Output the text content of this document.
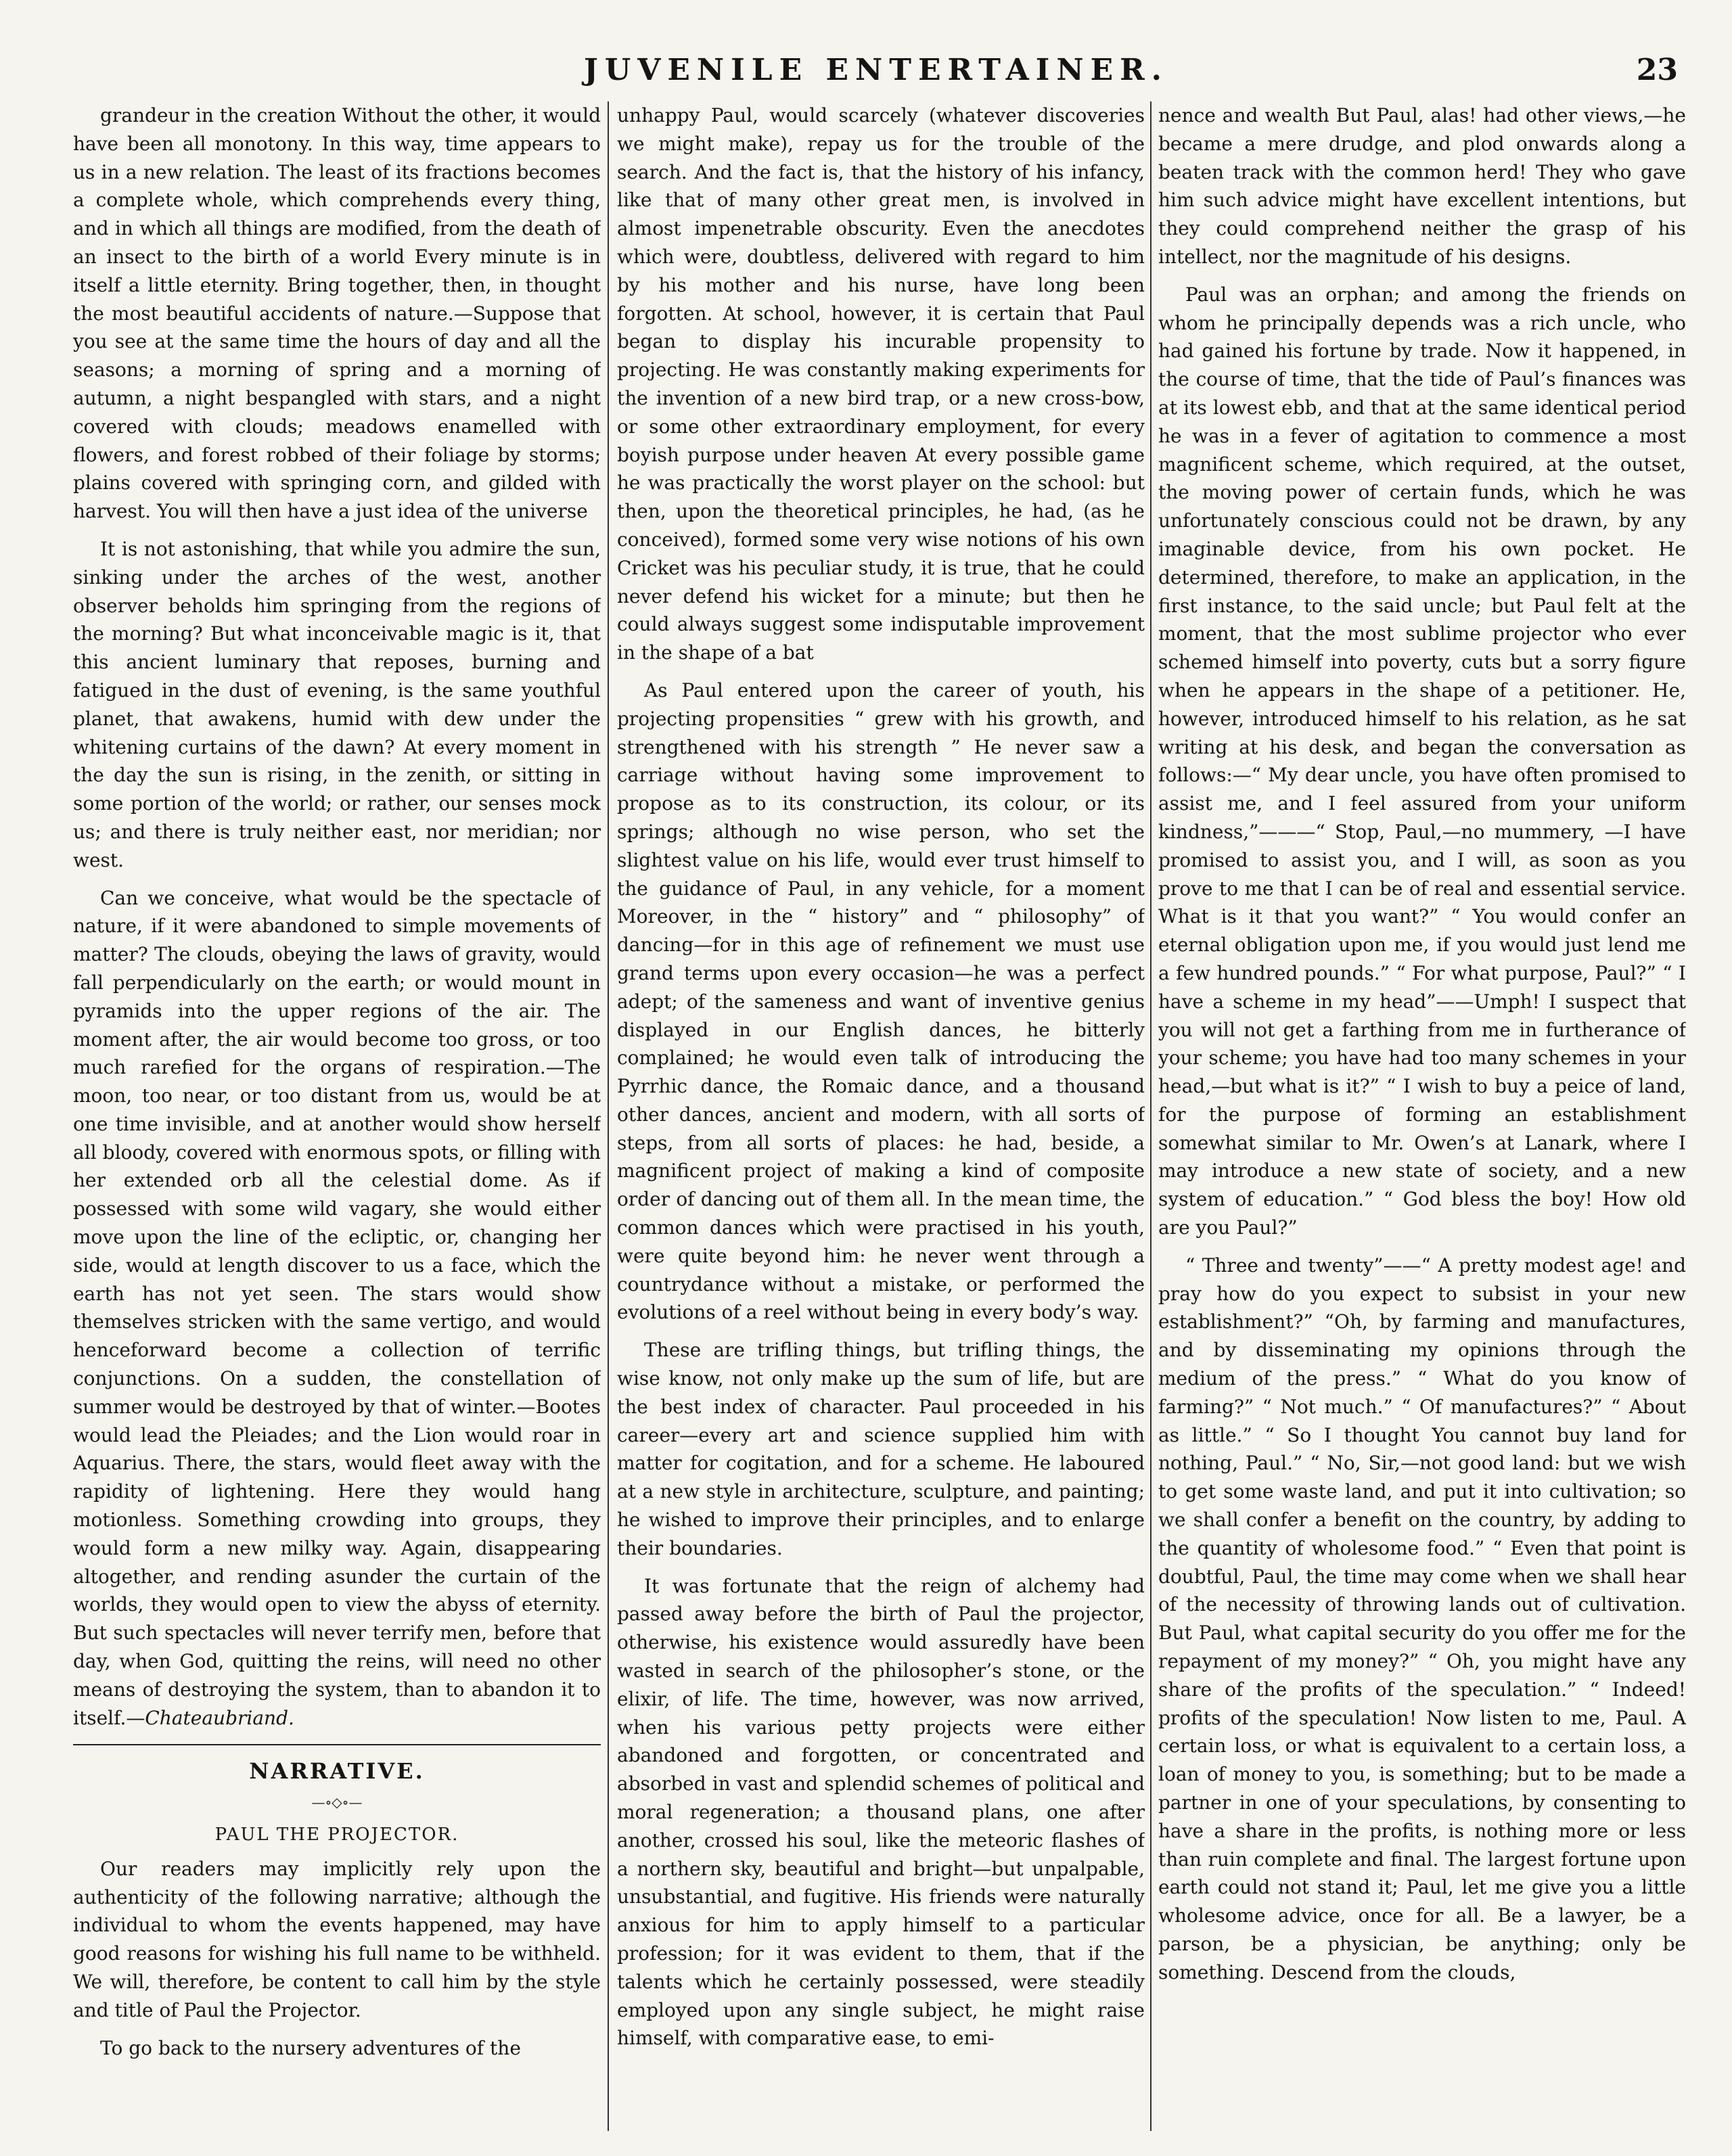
JUVENILE ENTERTAINER.	23

grandeur in the creation Without the other, it would have been all monotony. In this way, time appears to us in a new relation. The least of its fractions becomes a complete whole, which comprehends every thing, and in which all things are modified, from the death of an insect to the birth of a world Every minute is in itself a little eternity. Bring together, then, in thought the most beautiful accidents of nature.—Suppose that you see at the same time the hours of day and all the seasons; a morning of spring and a morning of autumn, a night bespangled with stars, and a night covered with clouds; meadows enamelled with flowers, and forest robbed of their foliage by storms; plains covered with springing corn, and gilded with harvest. You will then have a just idea of the universe

It is not astonishing, that while you admire the sun, sinking under the arches of the west, another observer beholds him springing from the regions of the morning? But what inconceivable magic is it, that this ancient luminary that reposes, burning and fatigued in the dust of evening, is the same youthful planet, that awakens, humid with dew under the whitening curtains of the dawn? At every moment in the day the sun is rising, in the zenith, or sitting in some portion of the world; or rather, our senses mock us; and there is truly neither east, nor meridian; nor west.

Can we conceive, what would be the spectacle of nature, if it were abandoned to simple movements of matter? The clouds, obeying the laws of gravity, would fall perpendicularly on the earth; or would mount in pyramids into the upper regions of the air. The moment after, the air would become too gross, or too much rarefied for the organs of respiration.—The moon, too near, or too distant from us, would be at one time invisible, and at another would show herself all bloody, covered with enormous spots, or filling with her extended orb all the celestial dome. As if possessed with some wild vagary, she would either move upon the line of the ecliptic, or, changing her side, would at length discover to us a face, which the earth has not yet seen. The stars would show themselves stricken with the same vertigo, and would henceforward become a collection of terrific conjunctions. On a sudden, the constellation of summer would be destroyed by that of winter.—Bootes would lead the Pleiades; and the Lion would roar in Aquarius. There, the stars, would fleet away with the rapidity of lightening. Here they would hang motionless. Something crowding into groups, they would form a new milky way. Again, disappearing altogether, and rending asunder the curtain of the worlds, they would open to view the abyss of eternity. But such spectacles will never terrify men, before that day, when God, quitting the reins, will need no other means of destroying the system, than to abandon it to itself.—Chateaubriand.

NARRATIVE.
—∘◇∘—
PAUL THE PROJECTOR.

Our readers may implicitly rely upon the authenticity of the following narrative; although the individual to whom the events happened, may have good reasons for wishing his full name to be withheld. We will, therefore, be content to call him by the style and title of Paul the Projector.

To go back to the nursery adventures of the

unhappy Paul, would scarcely (whatever discoveries we might make), repay us for the trouble of the search. And the fact is, that the history of his infancy, like that of many other great men, is involved in almost impenetrable obscurity. Even the anecdotes which were, doubtless, delivered with regard to him by his mother and his nurse, have long been forgotten. At school, however, it is certain that Paul began to display his incurable propensity to projecting. He was constantly making experiments for the invention of a new bird trap, or a new cross-bow, or some other extraordinary employment, for every boyish purpose under heaven At every possible game he was practically the worst player on the school: but then, upon the theoretical principles, he had, (as he conceived), formed some very wise notions of his own Cricket was his peculiar study, it is true, that he could never defend his wicket for a minute; but then he could always suggest some indisputable improvement in the shape of a bat

As Paul entered upon the career of youth, his projecting propensities “ grew with his growth, and strengthened with his strength ” He never saw a carriage without having some improvement to propose as to its construction, its colour, or its springs; although no wise person, who set the slightest value on his life, would ever trust himself to the guidance of Paul, in any vehicle, for a moment Moreover, in the “ history” and “ philosophy” of dancing—for in this age of refinement we must use grand terms upon every occasion—he was a perfect adept; of the sameness and want of inventive genius displayed in our English dances, he bitterly complained; he would even talk of introducing the Pyrrhic dance, the Romaic dance, and a thousand other dances, ancient and modern, with all sorts of steps, from all sorts of places: he had, beside, a magnificent project of making a kind of composite order of dancing out of them all. In the mean time, the common dances which were practised in his youth, were quite beyond him: he never went through a countrydance without a mistake, or performed the evolutions of a reel without being in every body’s way.

These are trifling things, but trifling things, the wise know, not only make up the sum of life, but are the best index of character. Paul proceeded in his career—every art and science supplied him with matter for cogitation, and for a scheme. He laboured at a new style in architecture, sculpture, and painting; he wished to improve their principles, and to enlarge their boundaries.

It was fortunate that the reign of alchemy had passed away before the birth of Paul the projector, otherwise, his existence would assuredly have been wasted in search of the philosopher’s stone, or the elixir, of life. The time, however, was now arrived, when his various petty projects were either abandoned and forgotten, or concentrated and absorbed in vast and splendid schemes of political and moral regeneration; a thousand plans, one after another, crossed his soul, like the meteoric flashes of a northern sky, beautiful and bright—but unpalpable, unsubstantial, and fugitive. His friends were naturally anxious for him to apply himself to a particular profession; for it was evident to them, that if the talents which he certainly possessed, were steadily employed upon any single subject, he might raise himself, with comparative ease, to emi-

nence and wealth But Paul, alas! had other views,—he became a mere drudge, and plod onwards along a beaten track with the common herd! They who gave him such advice might have excellent intentions, but they could comprehend neither the grasp of his intellect, nor the magnitude of his designs.

Paul was an orphan; and among the friends on whom he principally depends was a rich uncle, who had gained his fortune by trade. Now it happened, in the course of time, that the tide of Paul’s finances was at its lowest ebb, and that at the same identical period he was in a fever of agitation to commence a most magnificent scheme, which required, at the outset, the moving power of certain funds, which he was unfortunately conscious could not be drawn, by any imaginable device, from his own pocket. He determined, therefore, to make an application, in the first instance, to the said uncle; but Paul felt at the moment, that the most sublime projector who ever schemed himself into poverty, cuts but a sorry figure when he appears in the shape of a petitioner. He, however, introduced himself to his relation, as he sat writing at his desk, and began the conversation as follows:—“ My dear uncle, you have often promised to assist me, and I feel assured from your uniform kindness,”———“ Stop, Paul,—no mummery, —I have promised to assist you, and I will, as soon as you prove to me that I can be of real and essential service. What is it that you want?” “ You would confer an eternal obligation upon me, if you would just lend me a few hundred pounds.” “ For what purpose, Paul?” “ I have a scheme in my head”——Umph! I suspect that you will not get a farthing from me in furtherance of your scheme; you have had too many schemes in your head,—but what is it?” “ I wish to buy a peice of land, for the purpose of forming an establishment somewhat similar to Mr. Owen’s at Lanark, where I may introduce a new state of society, and a new system of education.” “ God bless the boy! How old are you Paul?”

“ Three and twenty”——“ A pretty modest age! and pray how do you expect to subsist in your new establishment?” “Oh, by farming and manufactures, and by disseminating my opinions through the medium of the press.” “ What do you know of farming?” “ Not much.” “ Of manufactures?” “ About as little.” “ So I thought You cannot buy land for nothing, Paul.” “ No, Sir,—not good land: but we wish to get some waste land, and put it into cultivation; so we shall confer a benefit on the country, by adding to the quantity of wholesome food.” “ Even that point is doubtful, Paul, the time may come when we shall hear of the necessity of throwing lands out of cultivation. But Paul, what capital security do you offer me for the repayment of my money?” “ Oh, you might have any share of the profits of the speculation.” “ Indeed! profits of the speculation! Now listen to me, Paul. A certain loss, or what is equivalent to a certain loss, a loan of money to you, is something; but to be made a partner in one of your speculations, by consenting to have a share in the profits, is nothing more or less than ruin complete and final. The largest fortune upon earth could not stand it; Paul, let me give you a little wholesome advice, once for all. Be a lawyer, be a parson, be a physician, be anything; only be something. Descend from the clouds,
